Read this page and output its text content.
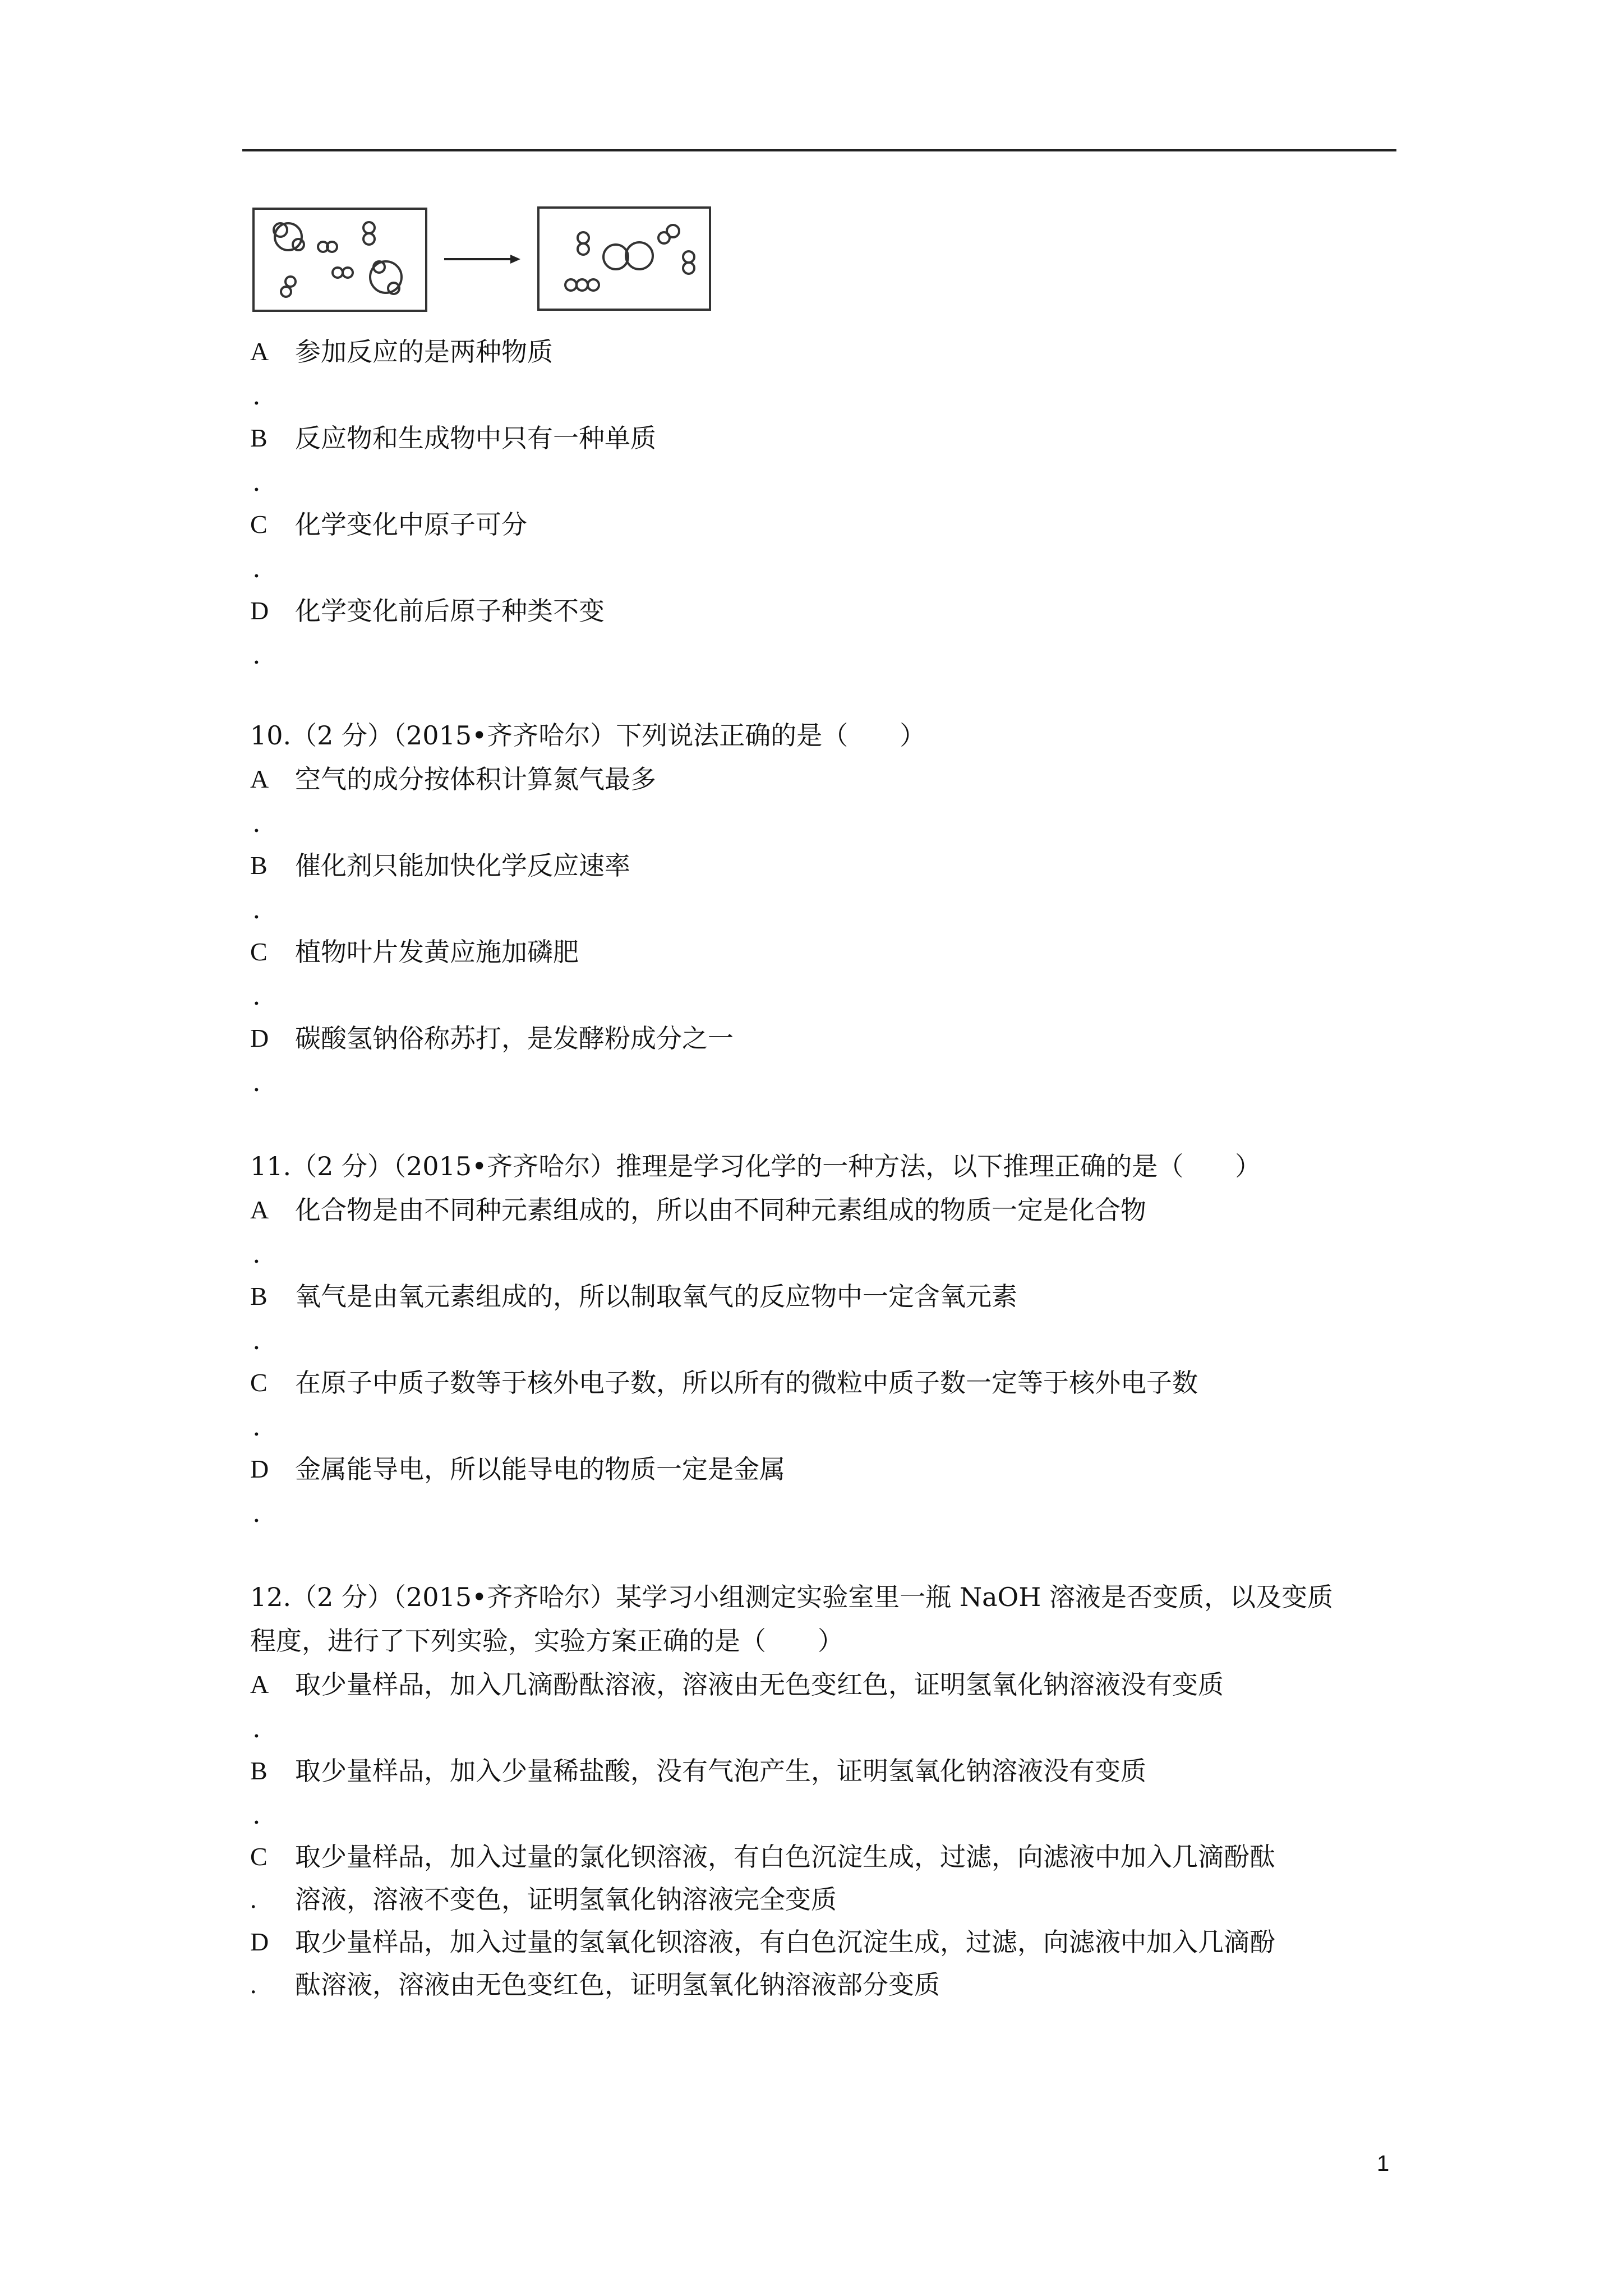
A	参加反应的是两种物质
.
B	反应物和生成物中只有一种单质
.
C	化学变化中原子可分
.
D	化学变化前后原子种类不变
.
10.（2 分）（2015•齐齐哈尔）下列说法正确的是（　　）
A	空气的成分按体积计算氮气最多
.
B	催化剂只能加快化学反应速率
.
C	植物叶片发黄应施加磷肥
.
D	碳酸氢钠俗称苏打，是发酵粉成分之一
.
11.（2 分）（2015•齐齐哈尔）推理是学习化学的一种方法，以下推理正确的是（　　）
A	化合物是由不同种元素组成的，所以由不同种元素组成的物质一定是化合物
.
B	氧气是由氧元素组成的，所以制取氧气的反应物中一定含氧元素
.
C	在原子中质子数等于核外电子数，所以所有的微粒中质子数一定等于核外电子数
.
D	金属能导电，所以能导电的物质一定是金属
.
12.（2 分）（2015•齐齐哈尔）某学习小组测定实验室里一瓶 NaOH 溶液是否变质，以及变质
程度，进行了下列实验，实验方案正确的是（　　）
A	取少量样品，加入几滴酚酞溶液，溶液由无色变红色，证明氢氧化钠溶液没有变质
.
B	取少量样品，加入少量稀盐酸，没有气泡产生，证明氢氧化钠溶液没有变质
.
C
.
取少量样品，加入过量的氯化钡溶液，有白色沉淀生成，过滤，向滤液中加入几滴酚酞
溶液，溶液不变色，证明氢氧化钠溶液完全变质
D
.
取少量样品，加入过量的氢氧化钡溶液，有白色沉淀生成，过滤，向滤液中加入几滴酚
酞溶液，溶液由无色变红色，证明氢氧化钠溶液部分变质
1
